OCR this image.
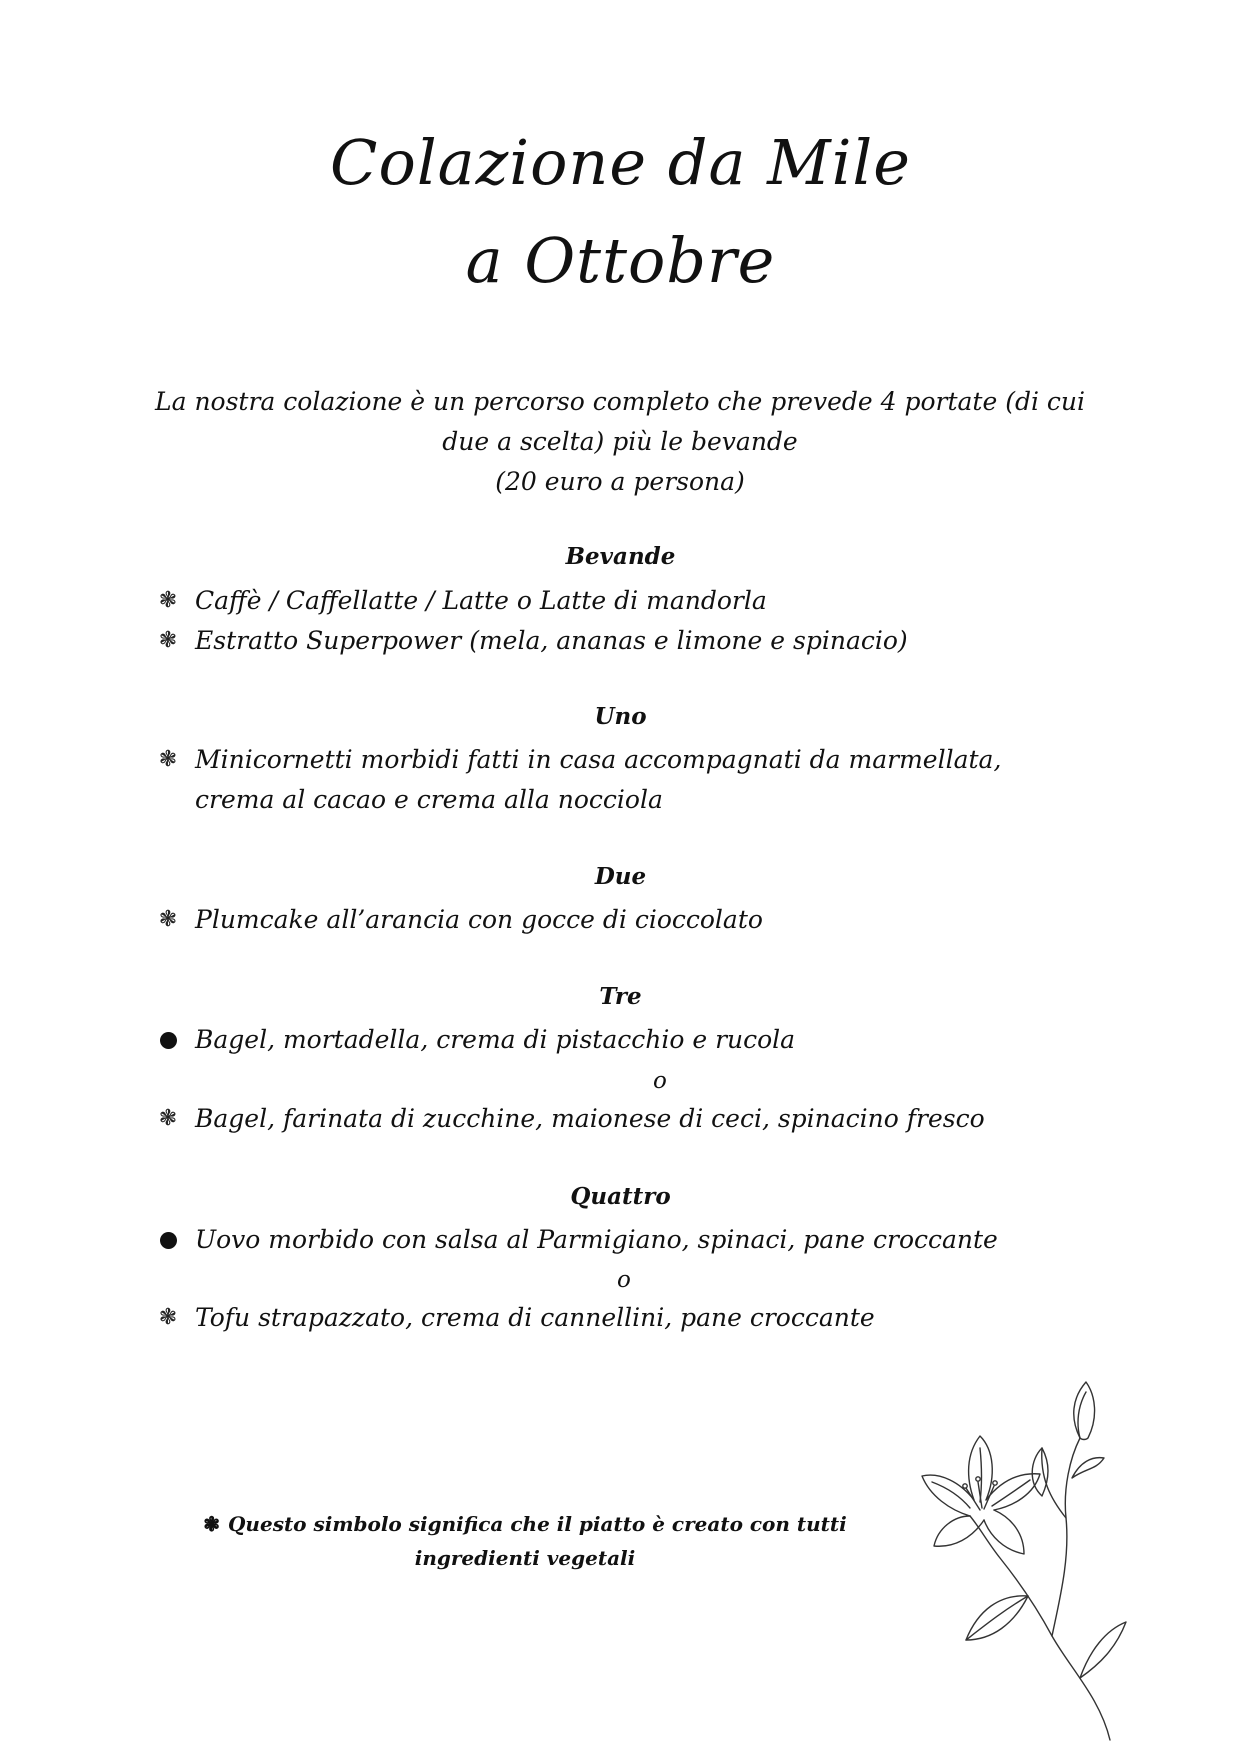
Colazione da Mile
a Ottobre
La nostra colazione è un percorso completo che prevede 4 portate (di cui
due a scelta) più le bevande
(20 euro a persona)
Bevande
❃ Caffè / Caffellatte / Latte o Latte di mandorla
❃ Estratto Superpower (mela, ananas e limone e spinacio)
Uno
❃ Minicornetti morbidi fatti in casa accompagnati da marmellata,
crema al cacao e crema alla nocciola
Due
❃ Plumcake all’arancia con gocce di cioccolato
Tre
Bagel, mortadella, crema di pistacchio e rucola
o
❃ Bagel, farinata di zucchine, maionese di ceci, spinacino fresco
Quattro
Uovo morbido con salsa al Parmigiano, spinaci, pane croccante
o
❃ Tofu strapazzato, crema di cannellini, pane croccante
❃ Questo simbolo significa che il piatto è creato con tutti
ingredienti vegetali
